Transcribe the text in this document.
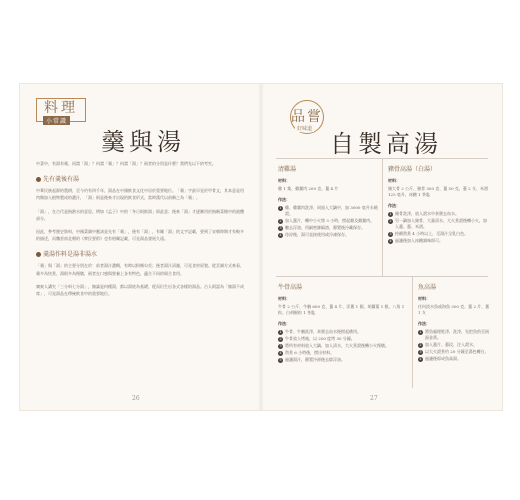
料理
小常識
羹與湯

中菜中，有湯有羹，同謂「湯」？何謂「羹」？何謂「湯」？兩者的分別是什麼？我們先以下的考究。

先有羹後有湯

中華民族起源的農耕，至今約有四千年，湯品在中國飲食文化中居於重要地位。「羹」字最早見於甲骨文，其本意是用肉類加入植物製成的濃汁，「湯」則是後來才出現的飲食形式，當時漢代以前稱之為「羹」。

「湯」，在古代是指熱水的意思。例如《孟子》中的「冬日則飲湯」即此意；後來「湯」才逐漸用於指稱菜餚中的液體部分。

因此，參考歷史資料，中國菜調中應該是先有「羹」，後有「湯」，有關「湯」的文字記載，要到了宋朝時期才有較多的描述，而魏晉南北朝的《齊民要術》也有相關記載，可見湯品發展久遠。

羹湯作料是湯非湯水

「羹」與「湯」的主要分別在於：前者湯汁濃稠，有時以粉類勾芡；後者湯汁清澈，可見食材原貌。從烹調方式來看，羹多為快煮，湯則多為慢燉，兩者在口感與營養上各有特色，適合不同的場合食用。

廣東人講究「三分料七分湯」，無論是何種湯，都以湯底為基礎，從而衍生出各式各樣的湯品。古人則認為「無湯不成席」，可見湯品在傳統飲食中的重要地位。

26
品嘗
好味道
自製高湯
清雞湯
材料：
雞 1 隻、雞翼肉 200 克、薑 4 片
作法：
1 雞、雞翼肉洗淨，同放入大鍋中，加 3000 毫升水燒滾。
2 加入薑片，轉中小火煲 3 小時，撈起雞及雞翼肉。
3 撇去浮油，用細密篩隔渣，靜置後冷藏保存。
4 待涼後，湯可直接使用或冷凍保存。
豬骨高湯（白湯）
材料：
豬大骨 2 公斤、豬骨 300 克、薑 50 克、蔥 2 支、米酒 125 毫升、冰糖 1 茶匙
作法：
1 豬骨洗淨，放入滾水中汆燙去血水。
2 另一鍋加入豬骨、大量清水，大火煮滾後轉小火，加入薑、蔥、米酒。
3 持續熬煮 4 小時以上，至湯汁呈乳白色。
4 過濾後加入冰糖調味即可。
牛骨高湯
材料：
牛骨 2 公斤、牛腩 600 克、薑 4 片、洋蔥 1 個、胡蘿蔔 1 根、八角 1 粒、白胡椒粒 1 茶匙
作法：
1 牛骨、牛腩洗淨，汆燙去血水後撈起備用。
2 牛骨放入烤箱，以 200 度烤 30 分鐘。
3 將所有材料放入大鍋，加入清水，大火煮滾後轉小火慢燉。
4 熬煮 6 小時後，撈出材料。
5 過濾湯汁，靜置冷卻後去除浮油。
魚高湯
材料：
任何淡水魚或海魚 300 克、薑 2 片、蔥 1 支
作法：
1 將魚處理乾淨，洗淨，先把魚煎至兩面金黃。
2 加入薑片、蔥段，注入滾水。
3 以大火滾煮約 20 分鐘至湯色轉白。
4 過濾後即成魚高湯。
27
